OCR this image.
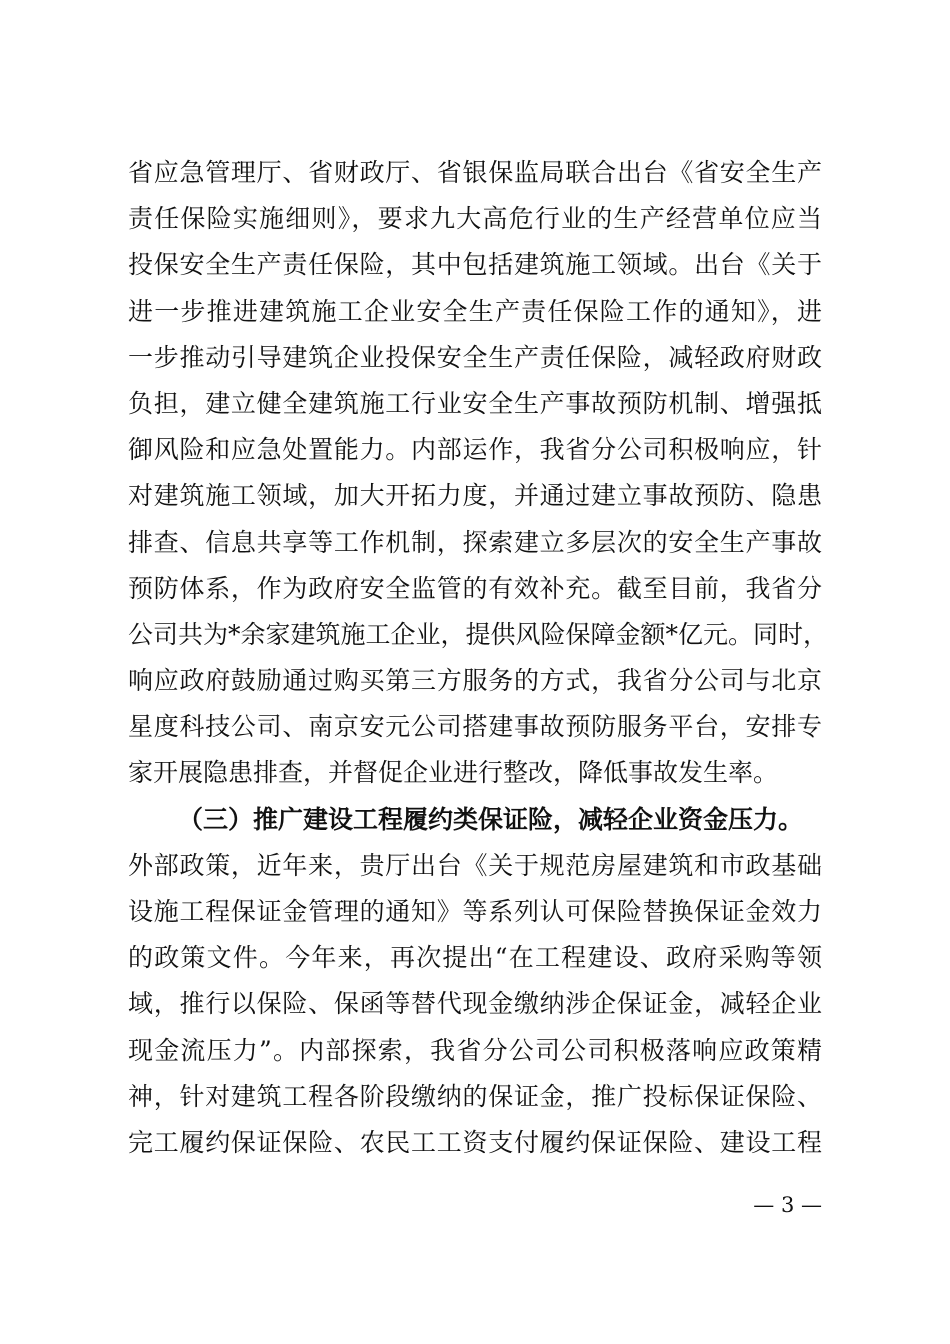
省应急管理厅、省财政厅、省银保监局联合出台《省安全生产
责任保险实施细则》，要求九大高危行业的生产经营单位应当
投保安全生产责任保险，其中包括建筑施工领域。出台《关于
进一步推进建筑施工企业安全生产责任保险工作的通知》，进
一步推动引导建筑企业投保安全生产责任保险，减轻政府财政
负担，建立健全建筑施工行业安全生产事故预防机制、增强抵
御风险和应急处置能力。内部运作，我省分公司积极响应，针
对建筑施工领域，加大开拓力度，并通过建立事故预防、隐患
排查、信息共享等工作机制，探索建立多层次的安全生产事故
预防体系，作为政府安全监管的有效补充。截至目前，我省分
公司共为*余家建筑施工企业，提供风险保障金额*亿元。同时，
响应政府鼓励通过购买第三方服务的方式，我省分公司与北京
星度科技公司、南京安元公司搭建事故预防服务平台，安排专
家开展隐患排查，并督促企业进行整改，降低事故发生率。
（三）推广建设工程履约类保证险，减轻企业资金压力。
外部政策，近年来，贵厅出台《关于规范房屋建筑和市政基础
设施工程保证金管理的通知》等系列认可保险替换保证金效力
的政策文件。今年来，再次提出“在工程建设、政府采购等领
域，推行以保险、保函等替代现金缴纳涉企保证金，减轻企业
现金流压力”。内部探索，我省分公司公司积极落响应政策精
神，针对建筑工程各阶段缴纳的保证金，推广投标保证保险、
完工履约保证保险、农民工工资支付履约保证保险、建设工程
— 3 —
